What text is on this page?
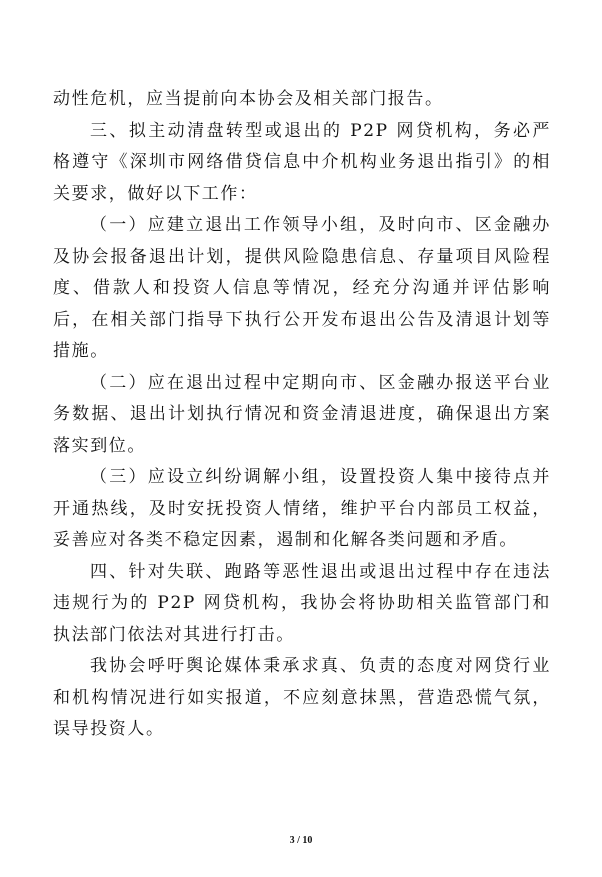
动性危机，应当提前向本协会及相关部门报告。

三、拟主动清盘转型或退出的 P2P 网贷机构，务必严格遵守《深圳市网络借贷信息中介机构业务退出指引》的相关要求，做好以下工作：

（一）应建立退出工作领导小组，及时向市、区金融办及协会报备退出计划，提供风险隐患信息、存量项目风险程度、借款人和投资人信息等情况，经充分沟通并评估影响后，在相关部门指导下执行公开发布退出公告及清退计划等措施。

（二）应在退出过程中定期向市、区金融办报送平台业务数据、退出计划执行情况和资金清退进度，确保退出方案落实到位。

（三）应设立纠纷调解小组，设置投资人集中接待点并开通热线，及时安抚投资人情绪，维护平台内部员工权益，妥善应对各类不稳定因素，遏制和化解各类问题和矛盾。

四、针对失联、跑路等恶性退出或退出过程中存在违法违规行为的 P2P 网贷机构，我协会将协助相关监管部门和执法部门依法对其进行打击。

我协会呼吁舆论媒体秉承求真、负责的态度对网贷行业和机构情况进行如实报道，不应刻意抹黑，营造恐慌气氛，误导投资人。

3 / 10
